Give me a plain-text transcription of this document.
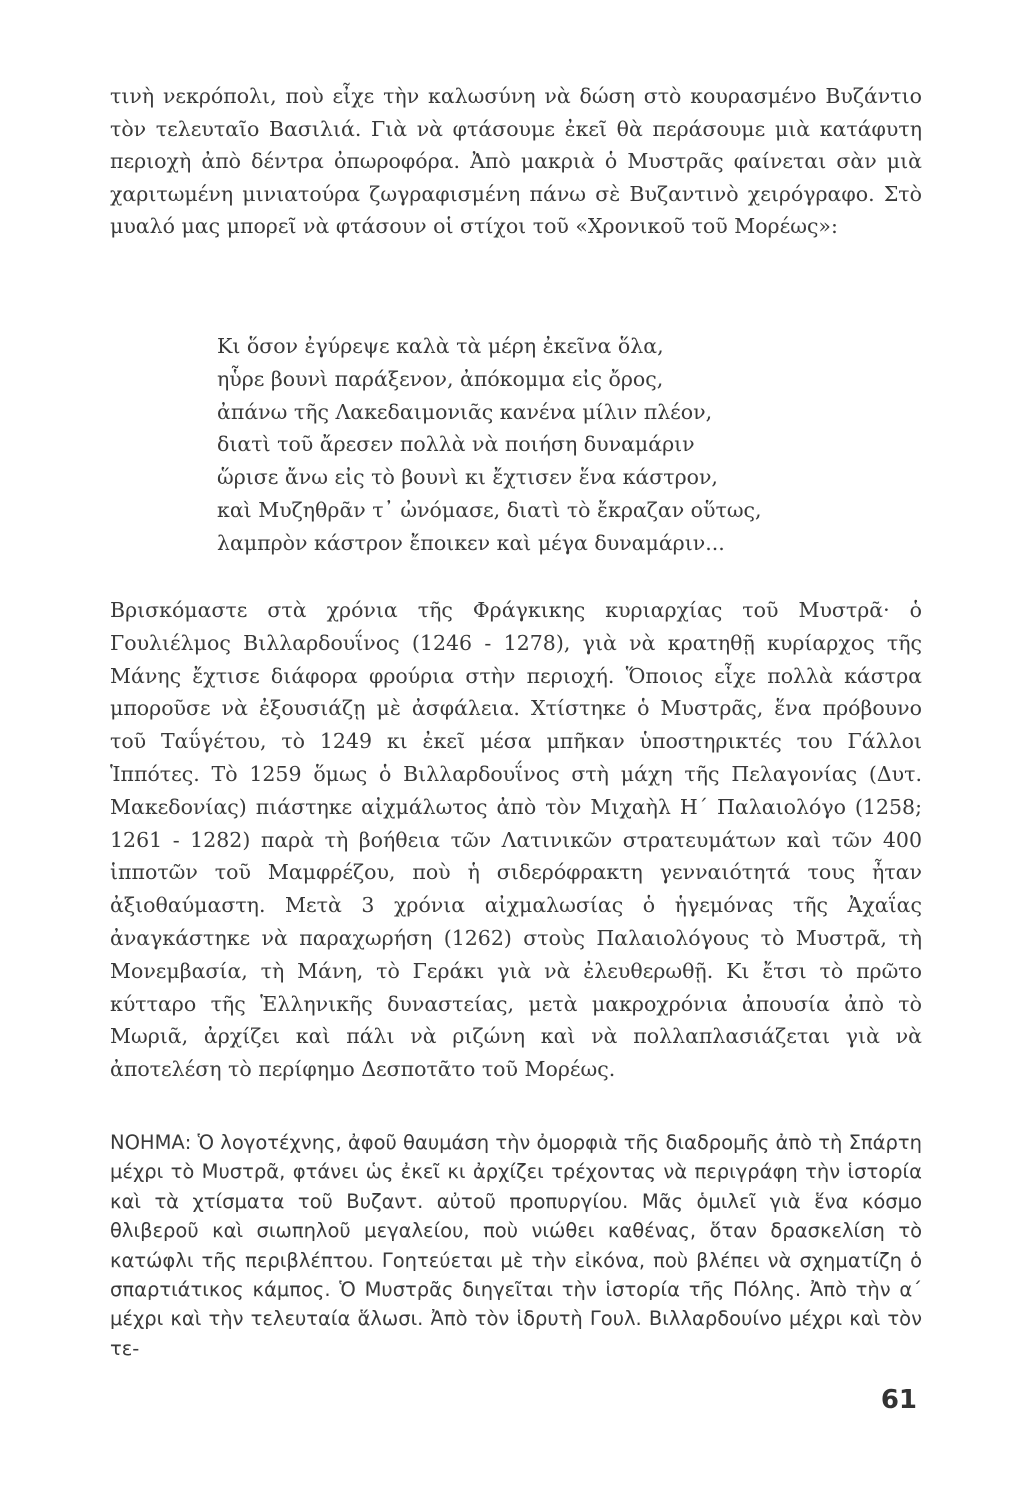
τινὴ νεκρόπολι, ποὺ εἶχε τὴν καλωσύνη νὰ δώση στὸ κουρασμένο Βυζάντιο τὸν τελευταῖο Βασιλιά. Γιὰ νὰ φτάσουμε ἐκεῖ θὰ περάσουμε μιὰ κατάφυτη περιοχὴ ἀπὸ δέντρα ὀπωροφόρα. Ἀπὸ μακριὰ ὁ Μυστρᾶς φαίνεται σὰν μιὰ χαριτωμένη μινιατούρα ζωγραφισμένη πάνω σὲ Βυζαντινὸ χειρόγραφο. Στὸ μυαλό μας μπορεῖ νὰ φτάσουν οἱ στίχοι τοῦ «Χρονικοῦ τοῦ Μορέως»:

Κι ὅσον ἐγύρεψε καλὰ τὰ μέρη ἐκεῖνα ὅλα,
ηὗρε βουνὶ παράξενον, ἀπόκομμα εἰς ὄρος,
ἀπάνω τῆς Λακεδαιμονιᾶς κανένα μίλιν πλέον,
διατὶ τοῦ ἄρεσεν πολλὰ νὰ ποιήση δυναμάριν
ὥρισε ἄνω εἰς τὸ βουνὶ κι ἔχτισεν ἕνα κάστρον,
καὶ Μυζηθρᾶν τ᾽ ὠνόμασε, διατὶ τὸ ἔκραζαν οὕτως,
λαμπρὸν κάστρον ἔποικεν καὶ μέγα δυναμάριν...

Βρισκόμαστε στὰ χρόνια τῆς Φράγκικης κυριαρχίας τοῦ Μυστρᾶ· ὁ Γουλιέλμος Βιλλαρδουΐνος (1246 - 1278), γιὰ νὰ κρατηθῇ κυρίαρχος τῆς Μάνης ἔχτισε διάφορα φρούρια στὴν περιοχή. Ὅποιος εἶχε πολλὰ κάστρα μποροῦσε νὰ ἐξουσιάζῃ μὲ ἀσφάλεια. Χτίστηκε ὁ Μυστρᾶς, ἕνα πρόβουνο τοῦ Ταΰγέτου, τὸ 1249 κι ἐκεῖ μέσα μπῆκαν ὑποστηρικτές του Γάλλοι Ἱππότες. Τὸ 1259 ὅμως ὁ Βιλλαρδουΐνος στὴ μάχη τῆς Πελαγονίας (Δυτ. Μακεδονίας) πιάστηκε αἰχμάλωτος ἀπὸ τὸν Μιχαὴλ Η΄ Παλαιολόγο (1258; 1261 - 1282) παρὰ τὴ βοήθεια τῶν Λατινικῶν στρατευμάτων καὶ τῶν 400 ἱπποτῶν τοῦ Μαμφρέζου, ποὺ ἡ σιδερόφρακτη γενναιότητά τους ἦταν ἀξιοθαύμαστη. Μετὰ 3 χρόνια αἰχμαλωσίας ὁ ἡγεμόνας τῆς Ἀχαΐας ἀναγκάστηκε νὰ παραχωρήση (1262) στοὺς Παλαιολόγους τὸ Μυστρᾶ, τὴ Μονεμβασία, τὴ Μάνη, τὸ Γεράκι γιὰ νὰ ἐλευθερωθῇ. Κι ἔτσι τὸ πρῶτο κύτταρο τῆς Ἑλληνικῆς δυναστείας, μετὰ μακροχρόνια ἀπουσία ἀπὸ τὸ Μωριᾶ, ἀρχίζει καὶ πάλι νὰ ριζώνη καὶ νὰ πολλαπλασιάζεται γιὰ νὰ ἀποτελέση τὸ περίφημο Δεσποτᾶτο τοῦ Μορέως.

ΝΟΗΜΑ: Ὁ λογοτέχνης, ἀφοῦ θαυμάση τὴν ὀμορφιὰ τῆς διαδρομῆς ἀπὸ τὴ Σπάρτη μέχρι τὸ Μυστρᾶ, φτάνει ὡς ἐκεῖ κι ἀρχίζει τρέχοντας νὰ περιγράφη τὴν ἱστορία καὶ τὰ χτίσματα τοῦ Βυζαντ. αὐτοῦ προπυργίου. Μᾶς ὁμιλεῖ γιὰ ἕνα κόσμο θλιβεροῦ καὶ σιωπηλοῦ μεγαλείου, ποὺ νιώθει καθένας, ὅταν δρασκελίση τὸ κατώφλι τῆς περιβλέπτου. Γοητεύεται μὲ τὴν εἰκόνα, ποὺ βλέπει νὰ σχηματίζη ὁ σπαρτιάτικος κάμπος. Ὁ Μυστρᾶς διηγεῖται τὴν ἱστορία τῆς Πόλης. Ἀπὸ τὴν α΄ μέχρι καὶ τὴν τελευταία ἅλωσι. Ἀπὸ τὸν ἱδρυτὴ Γουλ. Βιλλαρδουίνο μέχρι καὶ τὸν τε-

61
